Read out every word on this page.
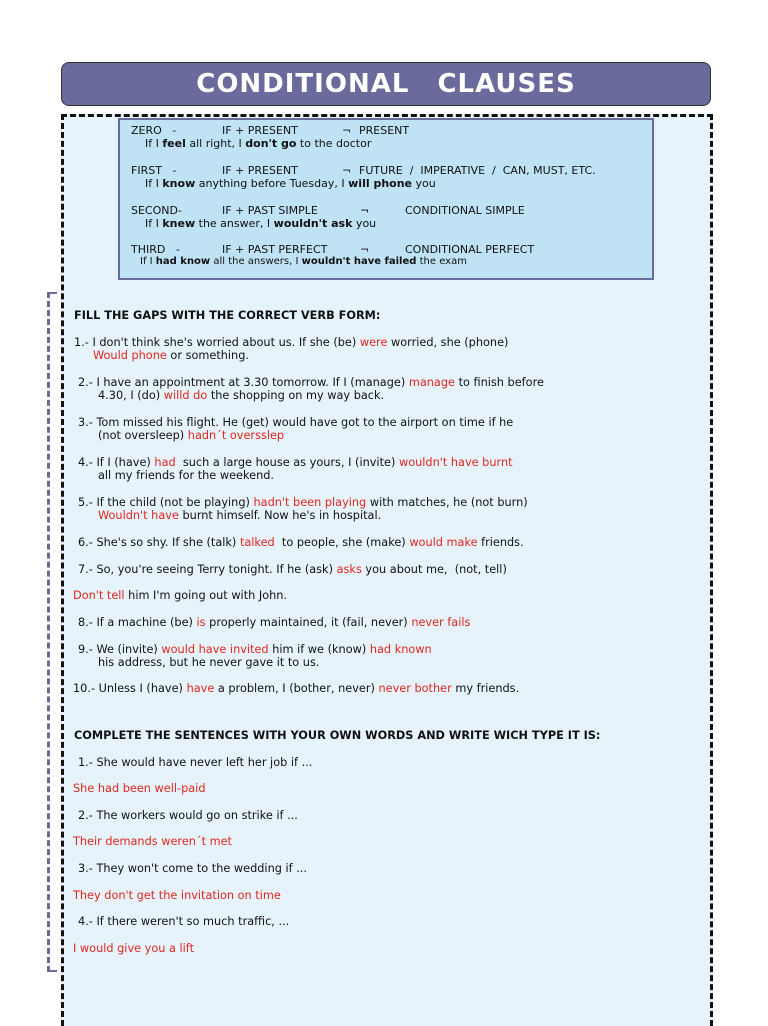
CONDITIONAL CLAUSES
ZERO   -	IF + PRESENT	¬ PRESENT
If I feel all right, I don't go to the doctor
FIRST   -	IF + PRESENT	¬ FUTURE  /  IMPERATIVE  /  CAN, MUST, ETC.
If I know anything before Tuesday, I will phone you
SECOND-	IF + PAST SIMPLE	¬	CONDITIONAL SIMPLE
If I knew the answer, I wouldn't ask you
THIRD   -	IF + PAST PERFECT	¬	CONDITIONAL PERFECT
If I had know all the answers, I wouldn't have failed the exam
FILL THE GAPS WITH THE CORRECT VERB FORM:
1.- I don't think she's worried about us. If she (be) were worried, she (phone)
Would phone or something.
2.- I have an appointment at 3.30 tomorrow. If I (manage) manage to finish before
4.30, I (do) willd do the shopping on my way back.
3.- Tom missed his flight. He (get) would have got to the airport on time if he
(not oversleep) hadn´t oversslep
4.- If I (have) had  such a large house as yours, I (invite) wouldn't have burnt
all my friends for the weekend.
5.- If the child (not be playing) hadn't been playing with matches, he (not burn)
Wouldn't have burnt himself. Now he's in hospital.
6.- She's so shy. If she (talk) talked  to people, she (make) would make friends.
7.- So, you're seeing Terry tonight. If he (ask) asks you about me,  (not, tell)
Don't tell him I'm going out with John.
8.- If a machine (be) is properly maintained, it (fail, never) never fails
9.- We (invite) would have invited him if we (know) had known
his address, but he never gave it to us.
10.- Unless I (have) have a problem, I (bother, never) never bother my friends.
COMPLETE THE SENTENCES WITH YOUR OWN WORDS AND WRITE WICH TYPE IT IS:
1.- She would have never left her job if ...
She had been well-paid
2.- The workers would go on strike if ...
Their demands weren´t met
3.- They won't come to the wedding if ...
They don't get the invitation on time
4.- If there weren't so much traffic, ...
I would give you a lift
